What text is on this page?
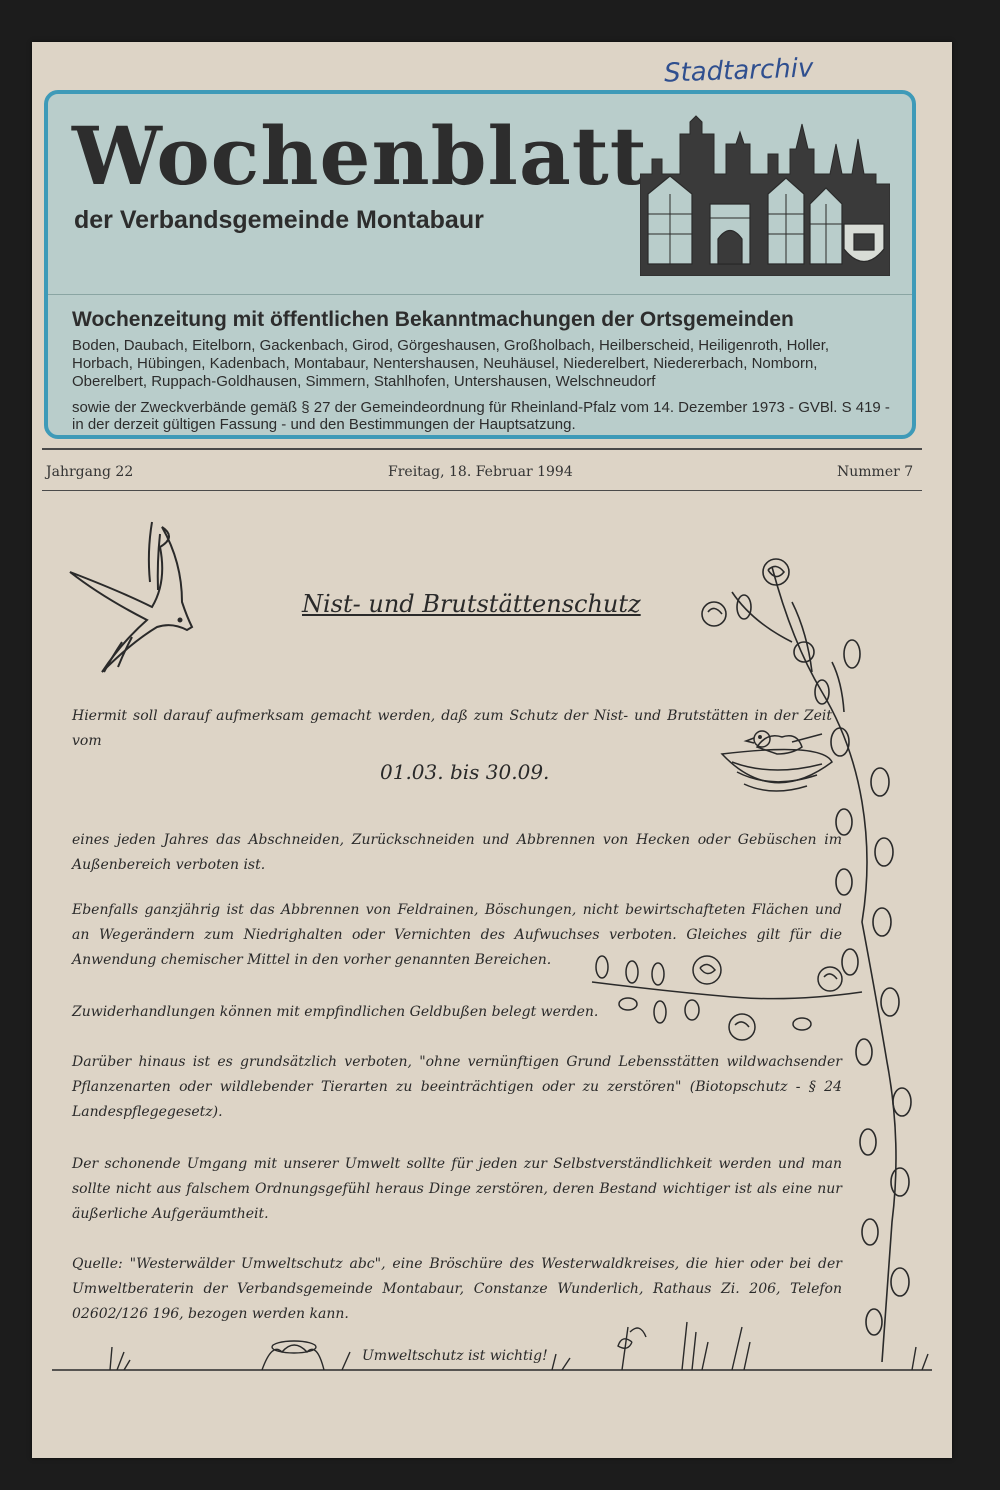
Stadtarchiv
Wochenblatt
der Verbandsgemeinde Montabaur
Wochenzeitung mit öffentlichen Bekanntmachungen der Ortsgemeinden
Boden, Daubach, Eitelborn, Gackenbach, Girod, Görgeshausen, Großholbach, Heilberscheid, Heiligenroth, Holler, Horbach, Hübingen, Kadenbach, Montabaur, Nentershausen, Neuhäusel, Niederelbert, Niedererbach, Nomborn, Oberelbert, Ruppach-Goldhausen, Simmern, Stahlhofen, Untershausen, Welschneudorf
sowie der Zweckverbände gemäß § 27 der Gemeindeordnung für Rheinland-Pfalz vom 14. Dezember 1973 - GVBl. S 419 - in der derzeit gültigen Fassung - und den Bestimmungen der Hauptsatzung.
Jahrgang 22	Freitag, 18. Februar 1994	Nummer 7
Nist- und Brutstättenschutz
Hiermit soll darauf aufmerksam gemacht werden, daß zum Schutz der Nist- und Brutstätten in der Zeit vom
01.03. bis 30.09.
eines jeden Jahres das Abschneiden, Zurückschneiden und Abbrennen von Hecken oder Gebüschen im Außenbereich verboten ist.
Ebenfalls ganzjährig ist das Abbrennen von Feldrainen, Böschungen, nicht bewirtschafteten Flächen und an Wegerändern zum Niedrighalten oder Vernichten des Aufwuchses verboten. Gleiches gilt für die Anwendung chemischer Mittel in den vorher genannten Bereichen.
Zuwiderhandlungen können mit empfindlichen Geldbußen belegt werden.
Darüber hinaus ist es grundsätzlich verboten, "ohne vernünftigen Grund Lebensstätten wildwachsender Pflanzenarten oder wildlebender Tierarten zu beeinträchtigen oder zu zerstören" (Biotopschutz - § 24 Landespflegegesetz).
Der schonende Umgang mit unserer Umwelt sollte für jeden zur Selbstverständlichkeit werden und man sollte nicht aus falschem Ordnungsgefühl heraus Dinge zerstören, deren Bestand wichtiger ist als eine nur äußerliche Aufgeräumtheit.
Quelle: "Westerwälder Umweltschutz abc", eine Bröschüre des Westerwaldkreises, die hier oder bei der Umweltberaterin der Verbandsgemeinde Montabaur, Constanze Wunderlich, Rathaus Zi. 206, Telefon 02602/126 196, bezogen werden kann.
Umweltschutz ist wichtig!
